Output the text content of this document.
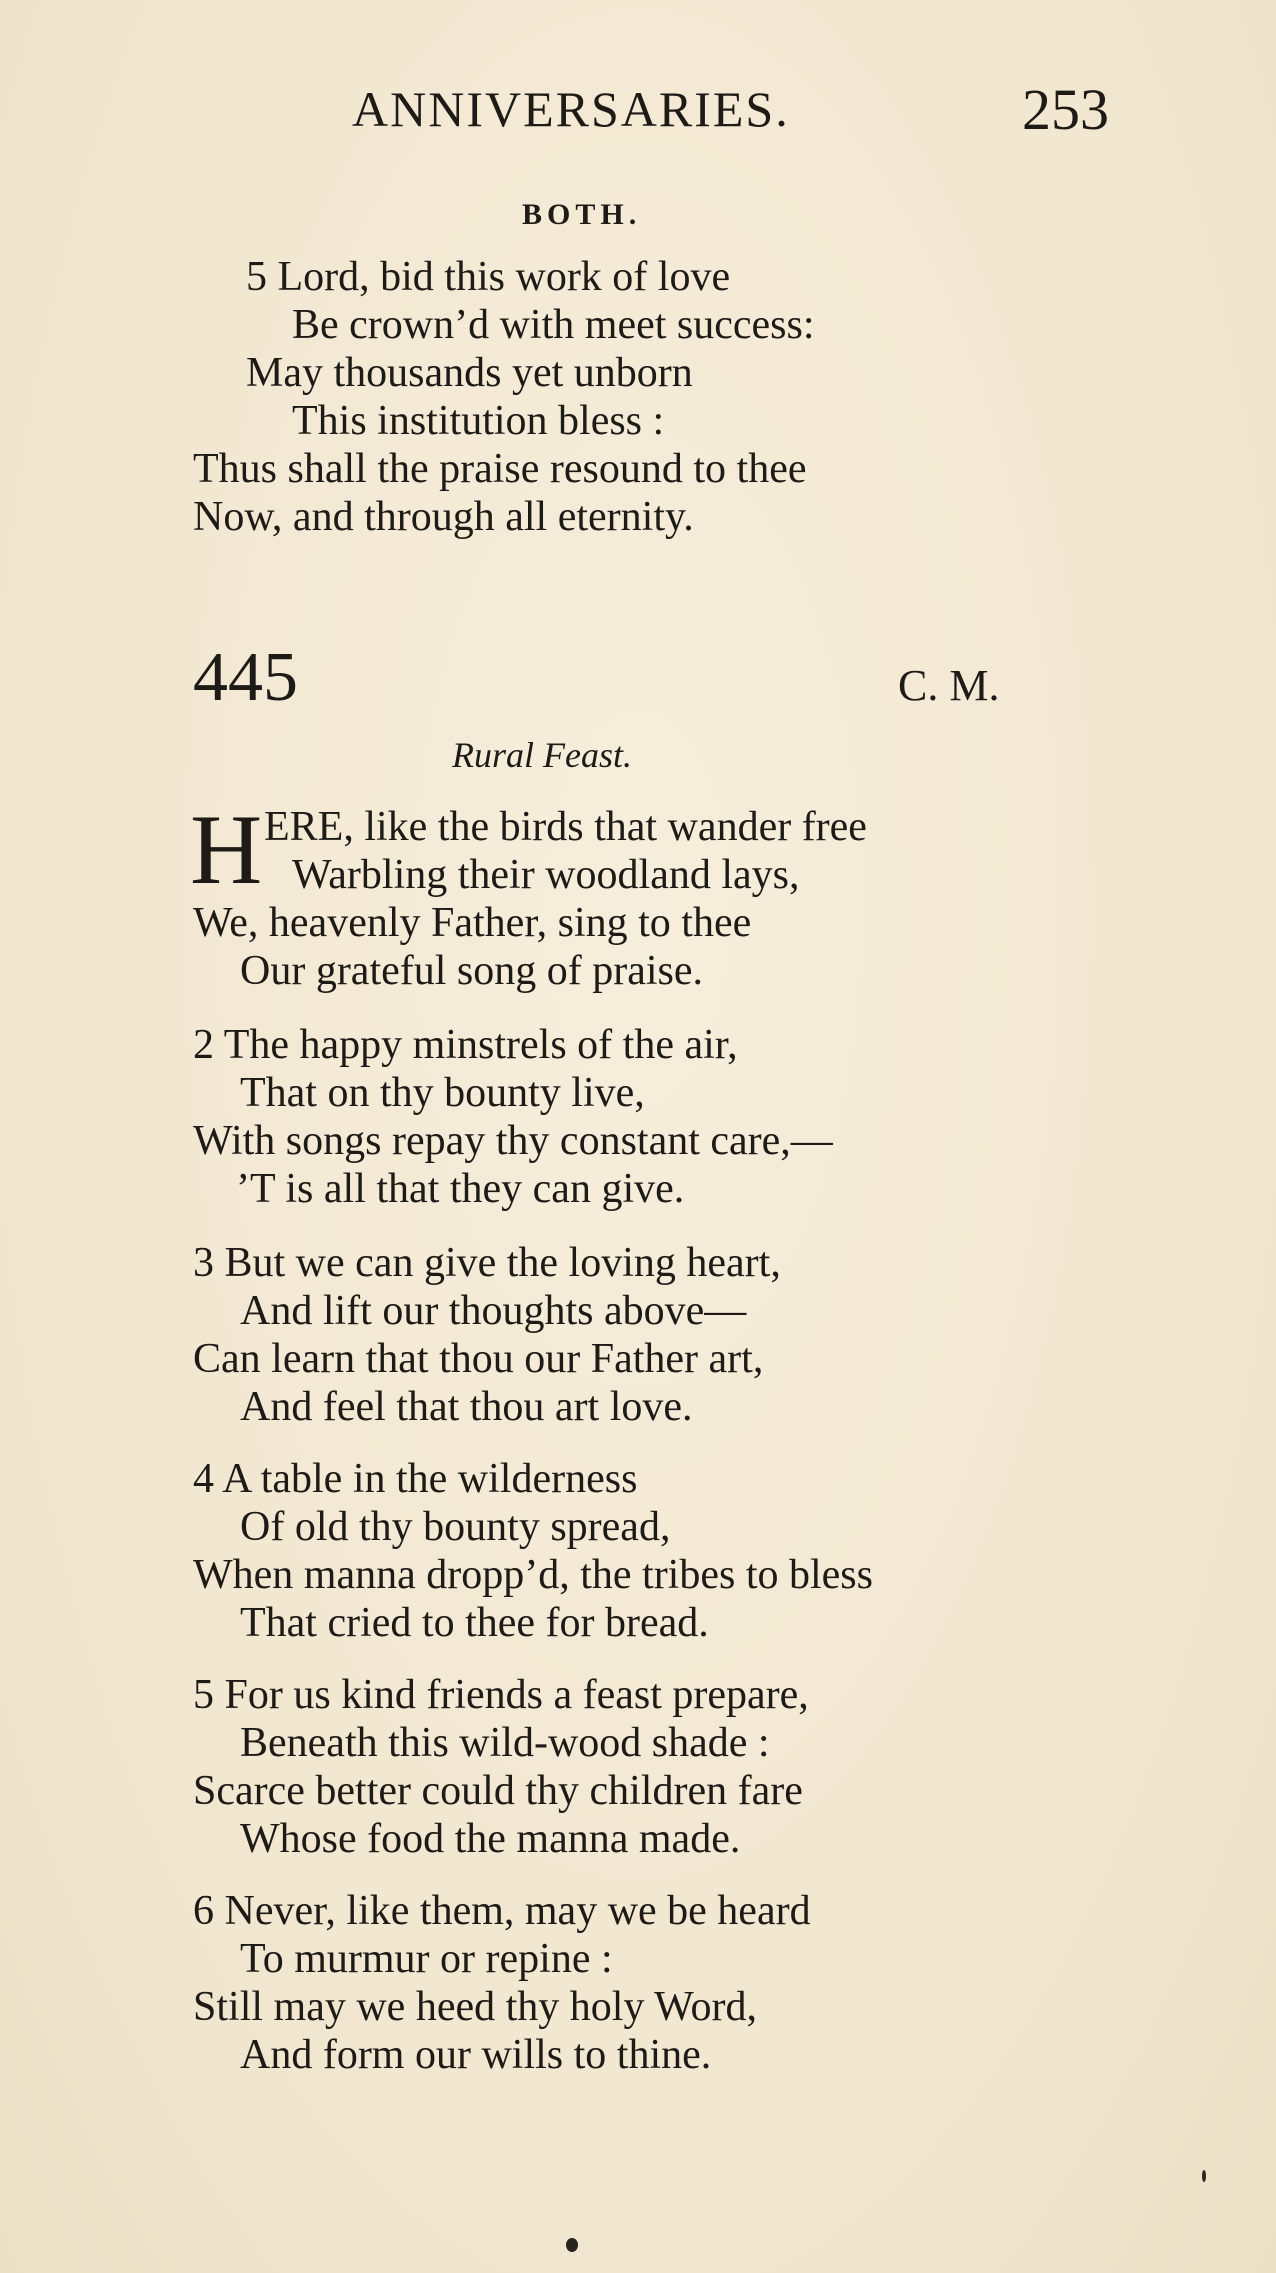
ANNIVERSARIES.	253
BOTH.
5 Lord, bid this work of love
Be crown’d with meet success:
May thousands yet unborn
This institution bless :
Thus shall the praise resound to thee
Now, and through all eternity.
445	C. M.
Rural Feast.
H ERE, like the birds that wander free
Warbling their woodland lays,
We, heavenly Father, sing to thee
Our grateful song of praise.
2 The happy minstrels of the air,
That on thy bounty live,
With songs repay thy constant care,—
’T is all that they can give.
3 But we can give the loving heart,
And lift our thoughts above—
Can learn that thou our Father art,
And feel that thou art love.
4 A table in the wilderness
Of old thy bounty spread,
When manna dropp’d, the tribes to bless
That cried to thee for bread.
5 For us kind friends a feast prepare,
Beneath this wild-wood shade :
Scarce better could thy children fare
Whose food the manna made.
6 Never, like them, may we be heard
To murmur or repine :
Still may we heed thy holy Word,
And form our wills to thine.
